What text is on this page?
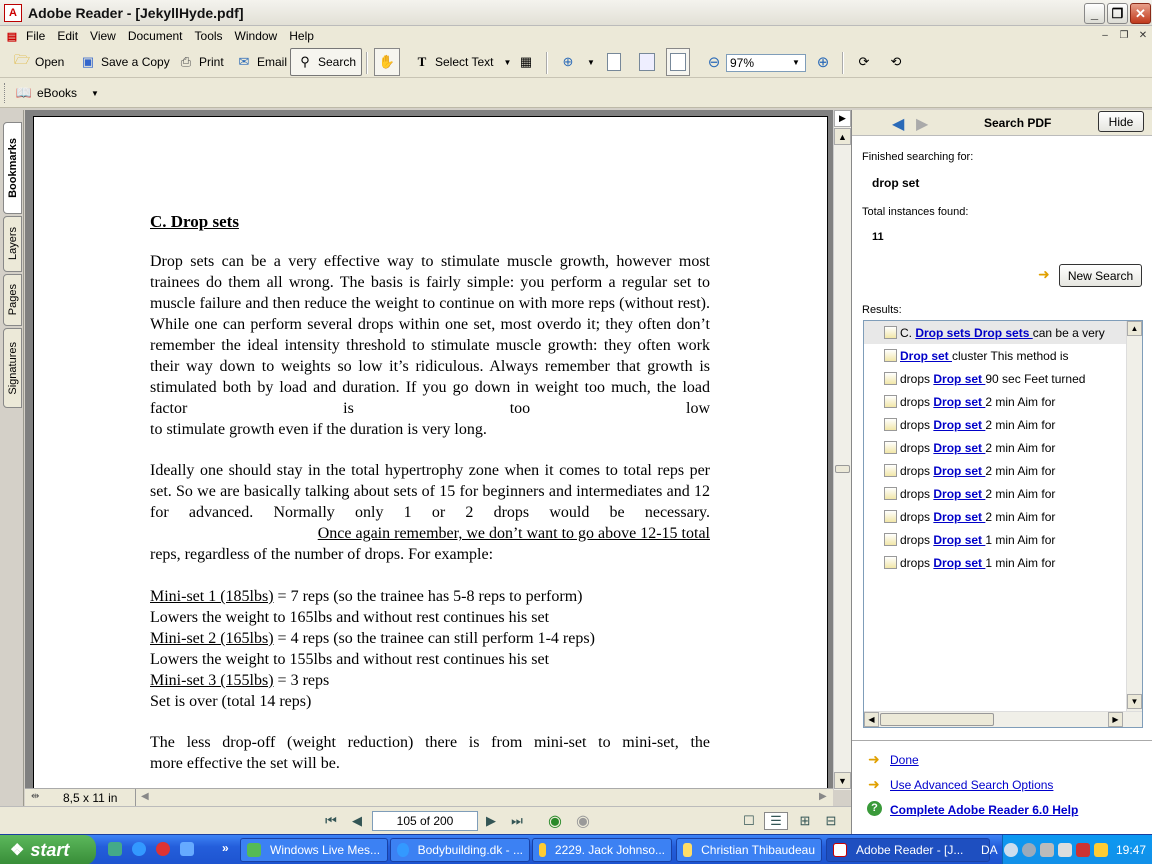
A Adobe Reader - [JekyllHyde.pdf]	_	❐ ✕
▤ File	Edit	View	Document	Tools	Window	Help	–	❐ ✕
🗁 Open ▣ Save a Copy ⎙ Print ✉ Email	⚲ Search ✋	T Select Text ▼ ▦ ⊕	▼	⊖ 97%	▼ ⊕ ⟳ ⟲
📖 eBooks ▼
Bookmarks
Layers
Pages
Signatures
C. Drop sets
Drop sets can be a very effective way to stimulate muscle growth, however most trainees do them all wrong. The basis is fairly simple: you perform a regular set to muscle failure and then reduce the weight to continue on with more reps (without rest). While one can perform several drops within one set, most overdo it; they often don’t remember the ideal intensity threshold to stimulate muscle growth: they often work their way down to weights so low it’s ridiculous. Always remember that growth is stimulated both by load and duration. If you go down in weight too much, the load factor is too low
to stimulate growth even if the duration is very long.
Ideally one should stay in the total hypertrophy zone when it comes to total reps per set. So we are basically talking about sets of 15 for beginners and intermediates and 12 for advanced. Normally only 1 or 2 drops would be necessary.
Once again remember, we don’t want to go above 12-15 total
reps, regardless of the number of drops. For example:
Mini-set 1 (185lbs) = 7 reps (so the trainee has 5-8 reps to perform)
Lowers the weight to 165lbs and without rest continues his set
Mini-set 2 (165lbs) = 4 reps (so the trainee can still perform 1-4 reps)
Lowers the weight to 155lbs and without rest continues his set
Mini-set 3 (155lbs) = 3 reps
Set is over (total 14 reps)
The less drop-off (weight reduction) there is from mini-set to mini-set, the
more effective the set will be.
▶
▲
▼
⇹ 8,5 x 11 in ◀	▶
⏮	◀	105 of 200	▶	⏭ ◉ ◉	☐	☰	⊞ ⊟
◀ ▶	Search PDF	Hide
Finished searching for:
drop set
Total instances found:
11
➜	New Search
Results:
C. Drop sets Drop sets can be a very
Drop set cluster This method is
drops Drop set 90 sec Feet turned
drops Drop set 2 min Aim for
drops Drop set 2 min Aim for
drops Drop set 2 min Aim for
drops Drop set 2 min Aim for
drops Drop set 2 min Aim for
drops Drop set 2 min Aim for
drops Drop set 1 min Aim for
drops Drop set 1 min Aim for
▲
▼
◀	▶
➜ Done
➜ Use Advanced Search Options
?	Complete Adobe Reader 6.0 Help
❖ start	»	Windows Live Mes...	Bodybuilding.dk - ...	2229. Jack Johnso...	Christian Thibaudeau	Adobe Reader - [J... DA	19:47
